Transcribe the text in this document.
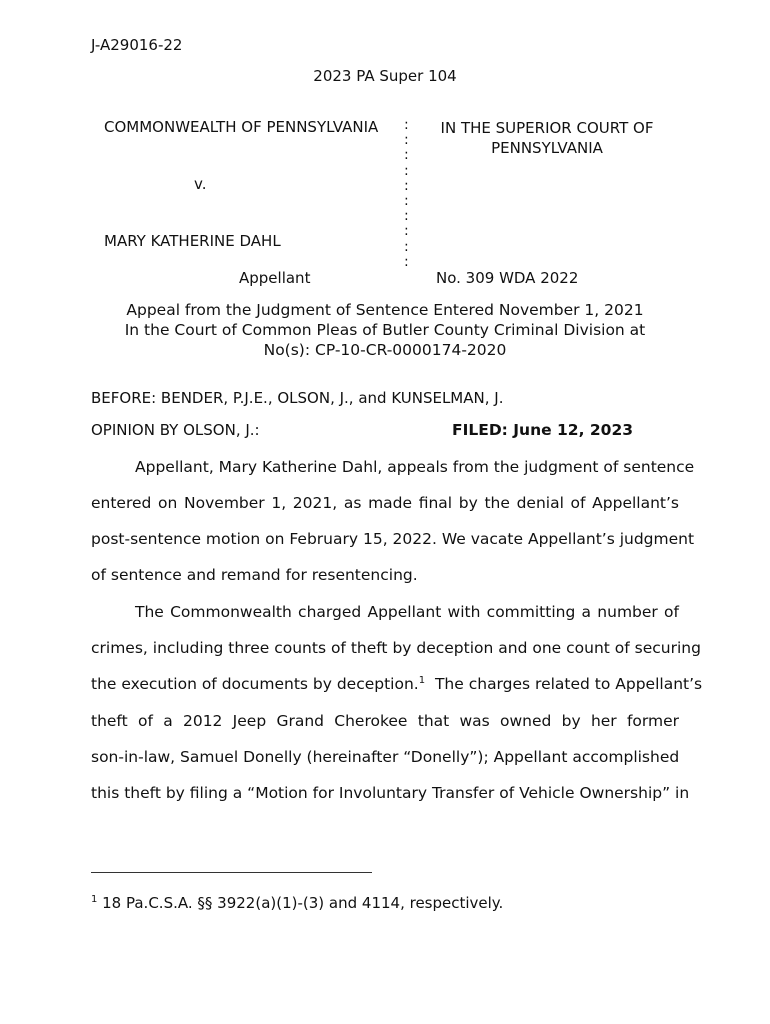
J-A29016-22
2023 PA Super 104
COMMONWEALTH OF PENNSYLVANIA
v.
MARY KATHERINE DAHL
Appellant
:
:
:
:
:
:
:
:
:
:
IN THE SUPERIOR COURT OF PENNSYLVANIA
No. 309 WDA 2022
Appeal from the Judgment of Sentence Entered November 1, 2021
In the Court of Common Pleas of Butler County Criminal Division at
No(s): CP-10-CR-0000174-2020
BEFORE: BENDER, P.J.E., OLSON, J., and KUNSELMAN, J.
OPINION BY OLSON, J.:	FILED: June 12, 2023
Appellant, Mary Katherine Dahl, appeals from the judgment of sentence
entered on November 1, 2021, as made final by the denial of Appellant’s
post-sentence motion on February 15, 2022. We vacate Appellant’s judgment
of sentence and remand for resentencing.
The Commonwealth charged Appellant with committing a number of
crimes, including three counts of theft by deception and one count of securing
the execution of documents by deception.$^1$  The charges related to Appellant’s
theft of a 2012 Jeep Grand Cherokee that was owned by her former
son-in-law, Samuel Donelly (hereinafter “Donelly”); Appellant accomplished
this theft by filing a “Motion for Involuntary Transfer of Vehicle Ownership” in
$^1$ 18 Pa.C.S.A. §§ 3922(a)(1)-(3) and 4114, respectively.
